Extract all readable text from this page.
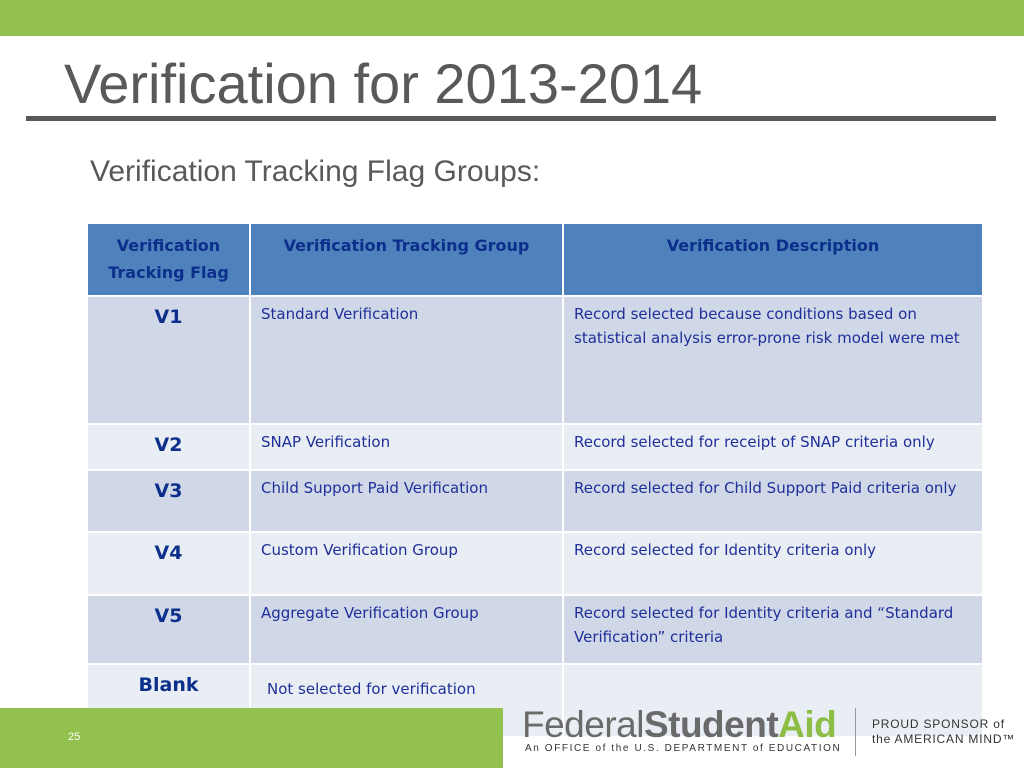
Verification for 2013-2014
Verification Tracking Flag Groups:
Verification Tracking Flag	Verification Tracking Group	Verification Description
V1	Standard Verification	Record selected because conditions based on statistical analysis error-prone risk model were met
V2	SNAP Verification	Record selected for receipt of SNAP criteria only
V3	Child Support Paid Verification	Record selected for Child Support Paid criteria only
V4	Custom Verification Group	Record selected for Identity criteria only
V5	Aggregate Verification Group	Record selected for Identity criteria and “Standard Verification” criteria
Blank	Not selected for verification	
25	FederalStudentAid
An OFFICE of the U.S. DEPARTMENT of EDUCATION
PROUD SPONSOR of
the AMERICAN MIND™
